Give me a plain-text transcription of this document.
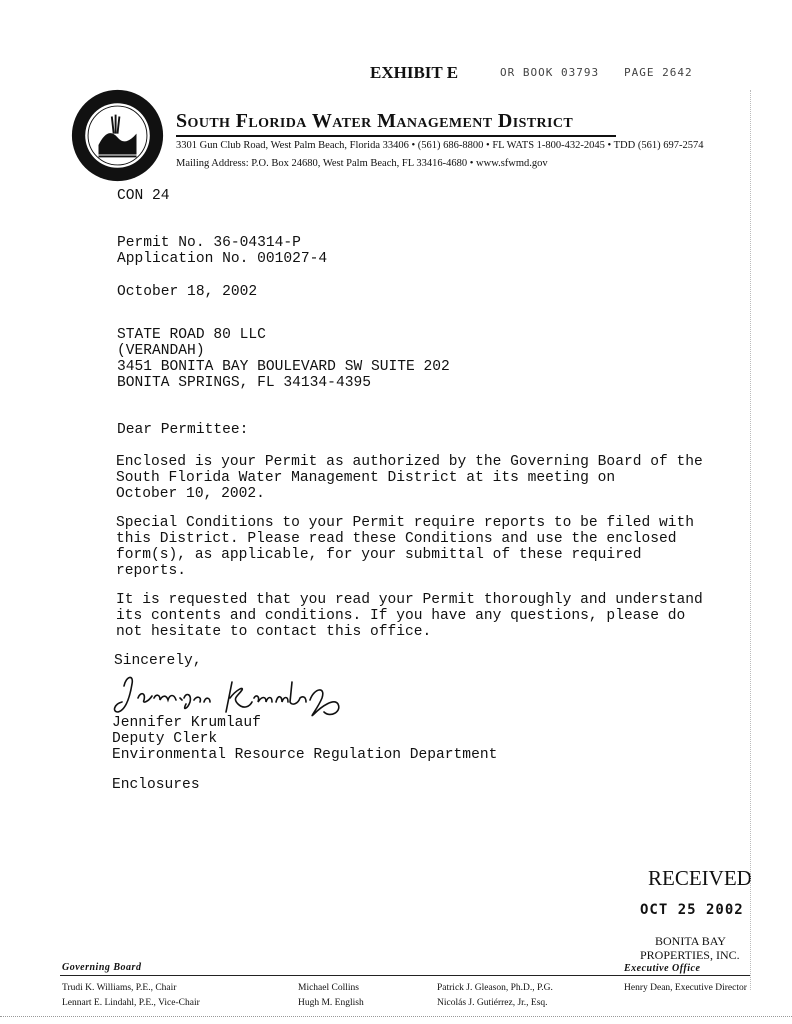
EXHIBIT E	OR BOOK 03793 PAGE 2642
South Florida Water Management District
3301 Gun Club Road, West Palm Beach, Florida 33406 • (561) 686-8800 • FL WATS 1-800-432-2045 • TDD (561) 697-2574
Mailing Address: P.O. Box 24680, West Palm Beach, FL 33416-4680 • www.sfwmd.gov
CON 24
Permit No. 36-04314-P
Application No. 001027-4
October 18, 2002
STATE ROAD 80 LLC
(VERANDAH)
3451 BONITA BAY BOULEVARD SW SUITE 202
BONITA SPRINGS, FL 34134-4395
Dear Permittee:
Enclosed is your Permit as authorized by the Governing Board of the
South Florida Water Management District at its meeting on
October 10, 2002.
Special Conditions to your Permit require reports to be filed with
this District. Please read these Conditions and use the enclosed
form(s), as applicable, for your submittal of these required
reports.
It is requested that you read your Permit thoroughly and understand
its contents and conditions. If you have any questions, please do
not hesitate to contact this office.
Sincerely,
Jennifer Krumlauf
Deputy Clerk
Environmental Resource Regulation Department
Enclosures
RECEIVED
OCT 25 2002
BONITA BAY
PROPERTIES, INC.
Governing Board	Executive Office
Trudi K. Williams, P.E., Chair
Lennart E. Lindahl, P.E., Vice-Chair
Michael Collins
Hugh M. English
Patrick J. Gleason, Ph.D., P.G.
Nicolás J. Gutiérrez, Jr., Esq.
Henry Dean, Executive Director
